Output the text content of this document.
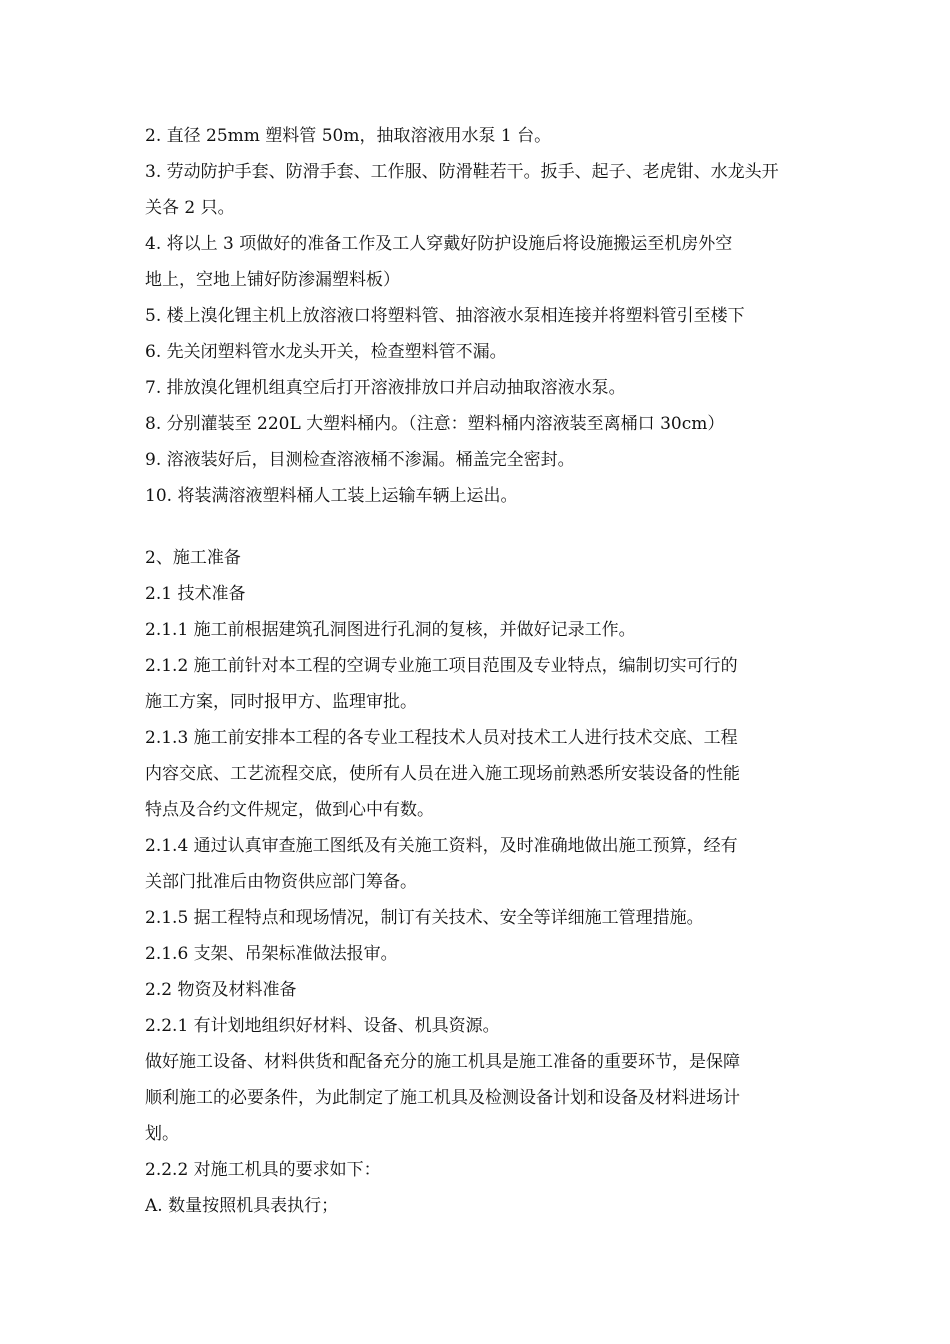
2. 直径 25mm 塑料管 50m，抽取溶液用水泵 1 台。
3. 劳动防护手套、防滑手套、工作服、防滑鞋若干。扳手、起子、老虎钳、水龙头开
关各 2 只。
4. 将以上 3 项做好的准备工作及工人穿戴好防护设施后将设施搬运至机房外空
地上，空地上铺好防渗漏塑料板）
5. 楼上溴化锂主机上放溶液口将塑料管、抽溶液水泵相连接并将塑料管引至楼下
6. 先关闭塑料管水龙头开关，检查塑料管不漏。
7. 排放溴化锂机组真空后打开溶液排放口并启动抽取溶液水泵。
8. 分别灌装至 220L 大塑料桶内。（注意：塑料桶内溶液装至离桶口 30cm）
9. 溶液装好后，目测检查溶液桶不渗漏。桶盖完全密封。
10. 将装满溶液塑料桶人工装上运输车辆上运出。
2、施工准备
2.1 技术准备
2.1.1 施工前根据建筑孔洞图进行孔洞的复核，并做好记录工作。
2.1.2 施工前针对本工程的空调专业施工项目范围及专业特点，编制切实可行的
施工方案，同时报甲方、监理审批。
2.1.3 施工前安排本工程的各专业工程技术人员对技术工人进行技术交底、工程
内容交底、工艺流程交底，使所有人员在进入施工现场前熟悉所安装设备的性能
特点及合约文件规定，做到心中有数。
2.1.4 通过认真审查施工图纸及有关施工资料，及时准确地做出施工预算，经有
关部门批准后由物资供应部门筹备。
2.1.5 据工程特点和现场情况，制订有关技术、安全等详细施工管理措施。
2.1.6 支架、吊架标准做法报审。
2.2 物资及材料准备
2.2.1 有计划地组织好材料、设备、机具资源。
做好施工设备、材料供货和配备充分的施工机具是施工准备的重要环节，是保障
顺利施工的必要条件，为此制定了施工机具及检测设备计划和设备及材料进场计
划。
2.2.2 对施工机具的要求如下：
A. 数量按照机具表执行；
